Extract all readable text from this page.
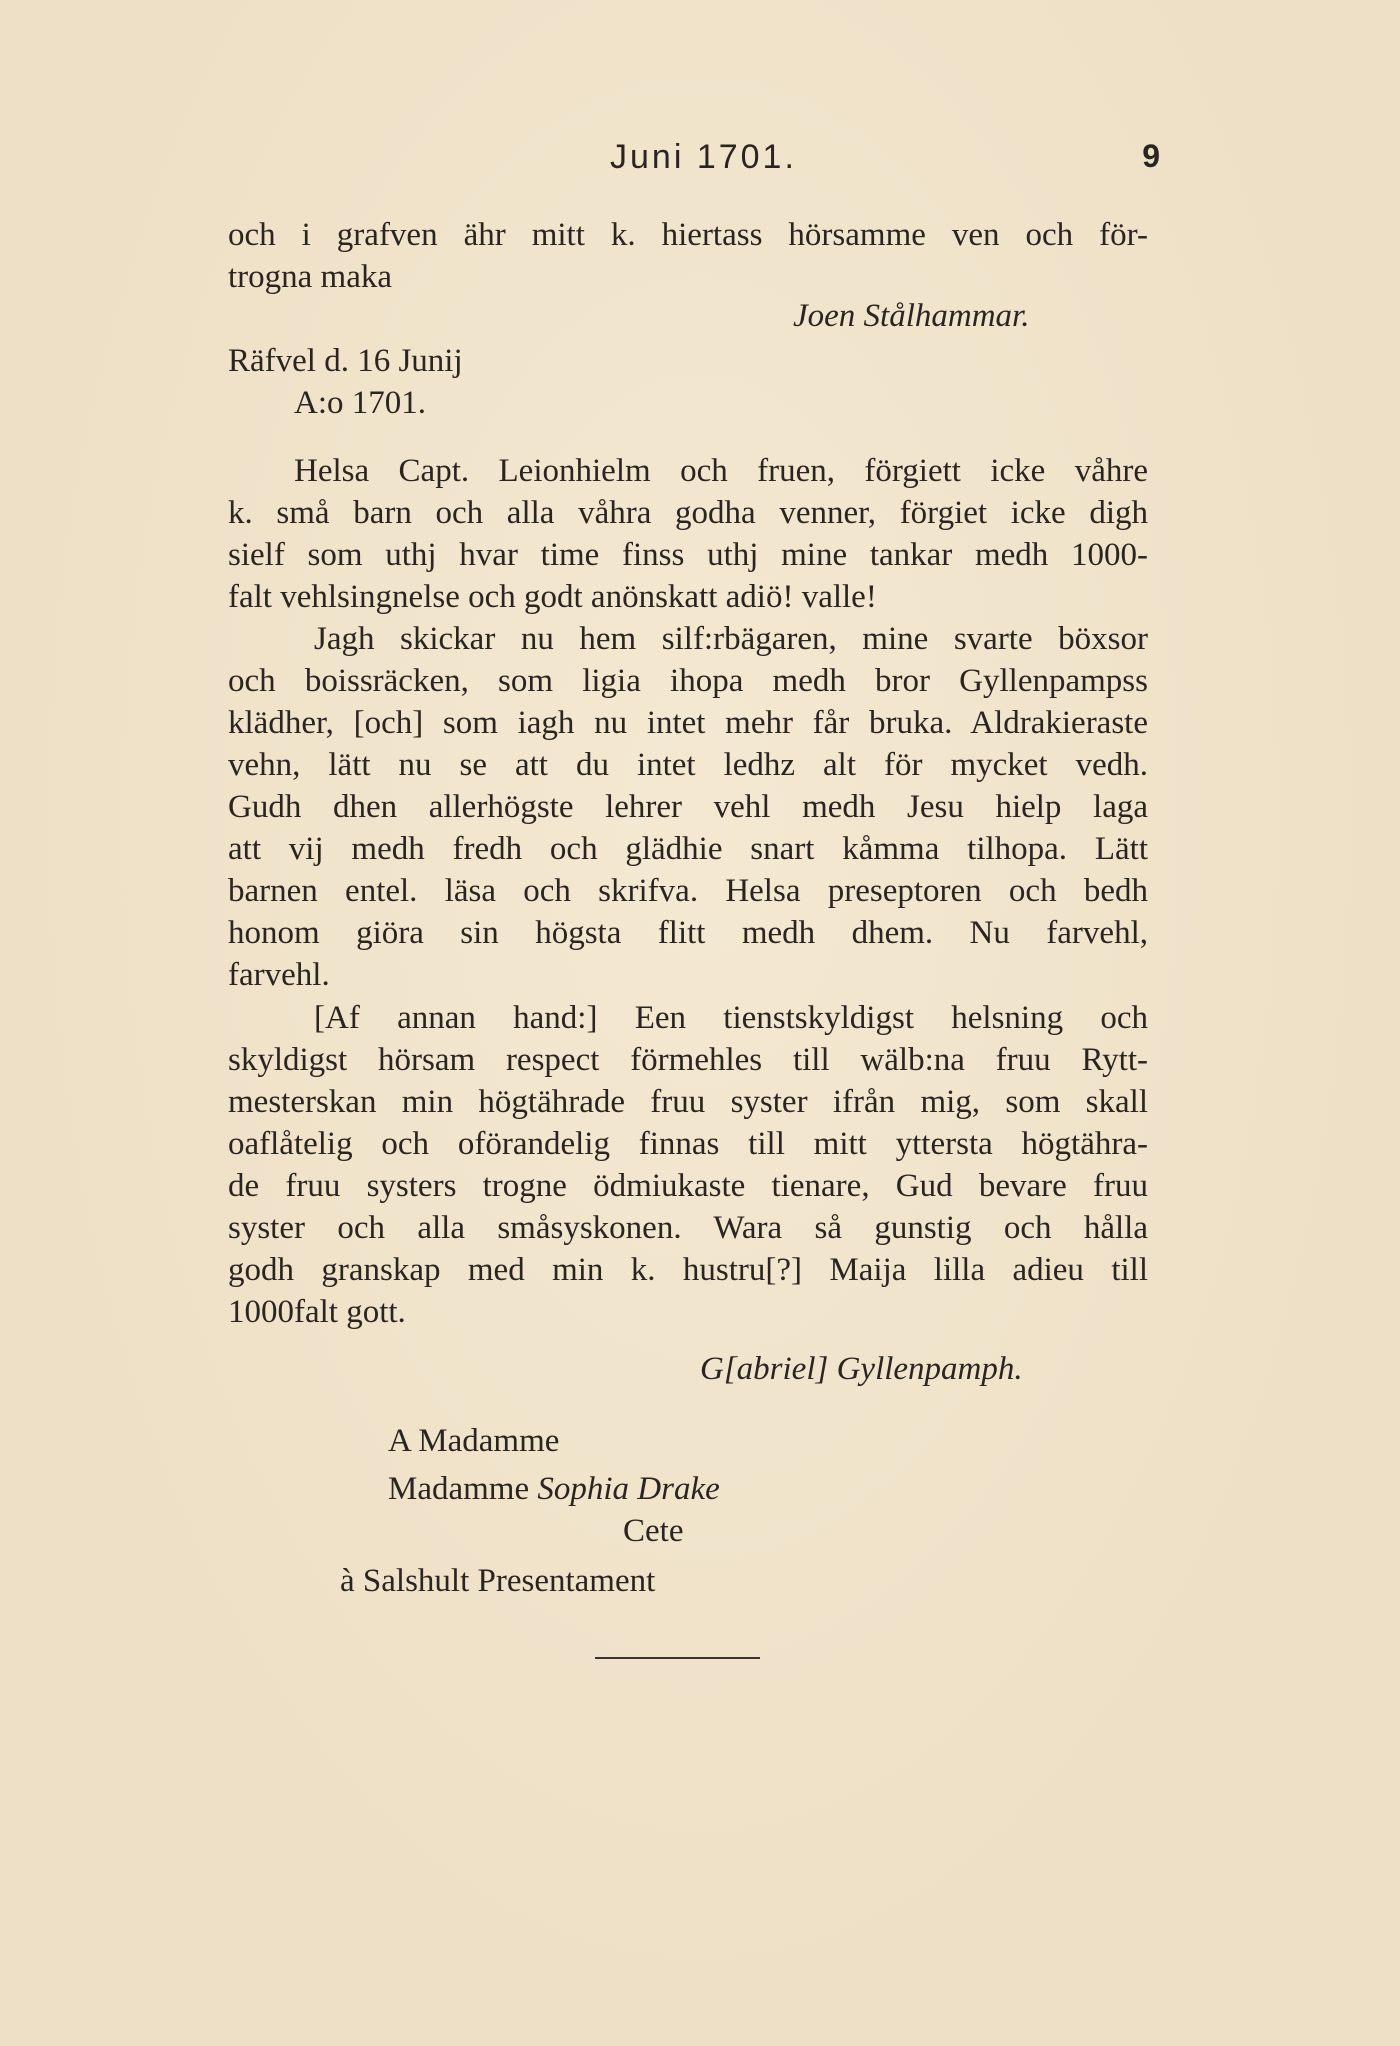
Juni 1701.	9
och i grafven ähr mitt k. hiertass hörsamme ven och för-
trogna maka
Joen Stålhammar.
Räfvel d. 16 Junij
A:o 1701.
Helsa Capt. Leionhielm och fruen, förgiett icke våhre
k. små barn och alla våhra godha venner, förgiet icke digh
sielf som uthj hvar time finss uthj mine tankar medh 1000-
falt vehlsingnelse och godt anönskatt adiö! valle!
Jagh skickar nu hem silf:rbägaren, mine svarte böxsor
och boissräcken, som ligia ihopa medh bror Gyllenpampss
klädher, [och] som iagh nu intet mehr får bruka. Aldrakieraste
vehn, lätt nu se att du intet ledhz alt för mycket vedh.
Gudh dhen allerhögste lehrer vehl medh Jesu hielp laga
att vij medh fredh och glädhie snart kåmma tilhopa. Lätt
barnen entel. läsa och skrifva. Helsa preseptoren och bedh
honom giöra sin högsta flitt medh dhem. Nu farvehl,
farvehl.
[Af annan hand:] Een tienstskyldigst helsning och
skyldigst hörsam respect förmehles till wälb:na fruu Rytt-
mesterskan min högtährade fruu syster ifrån mig, som skall
oaflåtelig och oförandelig finnas till mitt yttersta högtähra-
de fruu systers trogne ödmiukaste tienare, Gud bevare fruu
syster och alla småsyskonen. Wara så gunstig och hålla
godh granskap med min k. hustru[?] Maija lilla adieu till
1000falt gott.
G[abriel] Gyllenpamph.
A Madamme
Madamme Sophia Drake
Cete
à Salshult Presentament
